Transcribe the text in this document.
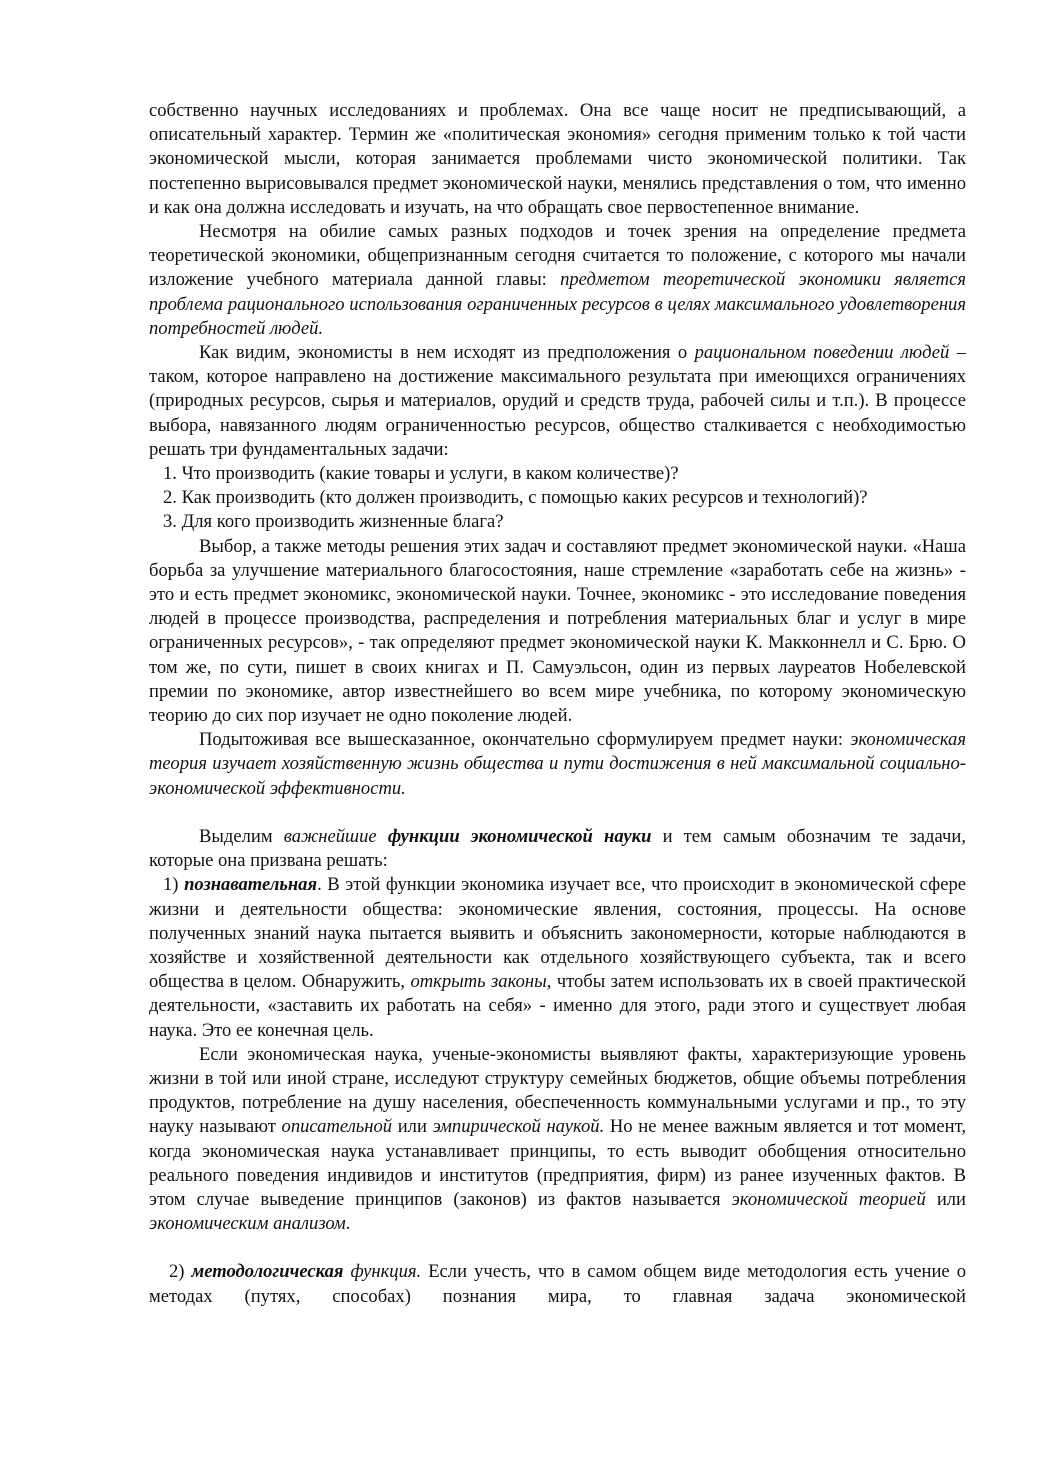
собственно научных исследованиях и проблемах. Она все чаще носит не предписывающий, а описательный характер. Термин же «политическая экономия» сегодня применим только к той части экономической мысли, которая занимается проблемами чисто экономической политики. Так постепенно вырисовывался предмет экономической науки, менялись представления о том, что именно и как она должна исследовать и изучать, на что обращать свое первостепенное внимание.

Несмотря на обилие самых разных подходов и точек зрения на определение предмета теоретической экономики, общепризнанным сегодня считается то положение, с которого мы начали изложение учебного материала данной главы: предметом теоретической экономики является проблема рационального использования ограниченных ресурсов в целях максимального удовлетворения потребностей людей.

Как видим, экономисты в нем исходят из предположения о рациональном поведении людей – таком, которое направлено на достижение максимального результата при имеющихся ограничениях (природных ресурсов, сырья и материалов, орудий и средств труда, рабочей силы и т.п.). В процессе выбора, навязанного людям ограниченностью ресурсов, общество сталкивается с необходимостью решать три фундаментальных задачи:

1. Что производить (какие товары и услуги, в каком количестве)?

2. Как производить (кто должен производить, с помощью каких ресурсов и технологий)?

3. Для кого производить жизненные блага?

Выбор, а также методы решения этих задач и составляют предмет экономической науки. «Наша борьба за улучшение материального благосостояния, наше стремление «заработать себе на жизнь» - это и есть предмет экономикс, экономической науки. Точнее, экономикс - это исследование поведения людей в процессе производства, распределения и потребления материальных благ и услуг в мире ограниченных ресурсов», - так определяют предмет экономической науки К. Макконнелл и С. Брю. О том же, по сути, пишет в своих книгах и П. Самуэльсон, один из первых лауреатов Нобелевской премии по экономике, автор известнейшего во всем мире учебника, по которому экономическую теорию до сих пор изучает не одно поколение людей.

Подытоживая все вышесказанное, окончательно сформулируем предмет науки: экономическая теория изучает хозяйственную жизнь общества и пути достижения в ней максимальной социально-экономической эффективности.

Выделим важнейшие функции экономической науки и тем самым обозначим те задачи, которые она призвана решать:

1) познавательная. В этой функции экономика изучает все, что происходит в экономической сфере жизни и деятельности общества: экономические явления, состояния, процессы. На основе полученных знаний наука пытается выявить и объяснить закономерности, которые наблюдаются в хозяйстве и хозяйственной деятельности как отдельного хозяйствующего субъекта, так и всего общества в целом. Обнаружить, открыть законы, чтобы затем использовать их в своей практической деятельности, «заставить их работать на себя» - именно для этого, ради этого и существует любая наука. Это ее конечная цель.

Если экономическая наука, ученые-экономисты выявляют факты, характеризующие уровень жизни в той или иной стране, исследуют структуру семейных бюджетов, общие объемы потребления продуктов, потребление на душу населения, обеспеченность коммунальными услугами и пр., то эту науку называют описательной или эмпирической наукой. Но не менее важным является и тот момент, когда экономическая наука устанавливает принципы, то есть выводит обобщения относительно реального поведения индивидов и институтов (предприятия, фирм) из ранее изученных фактов. В этом случае выведение принципов (законов) из фактов называется экономической теорией или экономическим анализом.

2) методологическая функция. Если учесть, что в самом общем виде методология есть учение о методах (путях, способах) познания мира, то главная задача экономической
